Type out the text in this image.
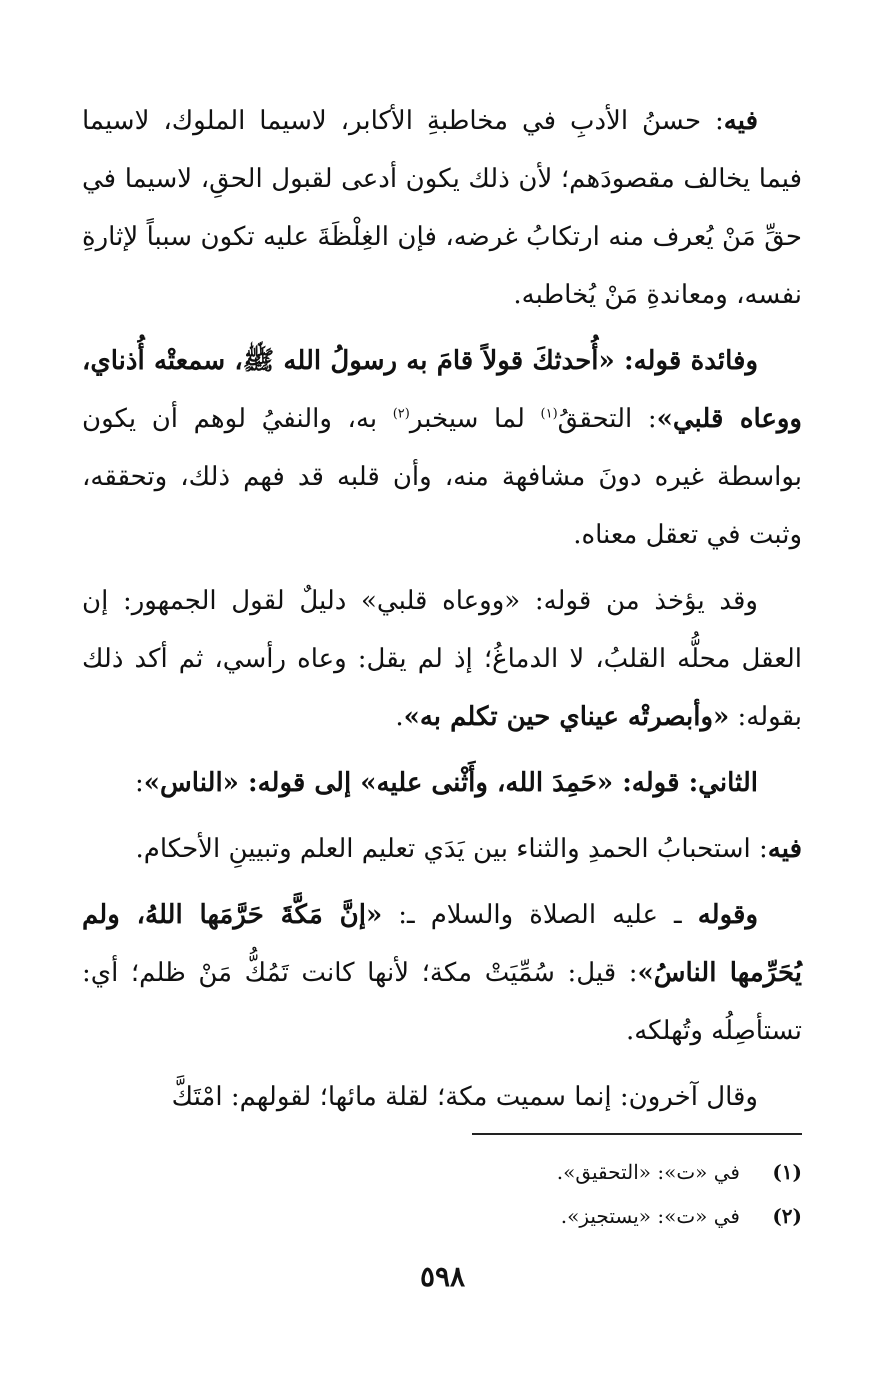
فيه: حسنُ الأدبِ في مخاطبةِ الأكابر، لاسيما الملوك، لاسيما فيما يخالف مقصودَهم؛ لأن ذلك يكون أدعى لقبول الحقِ، لاسيما في حقِّ مَنْ يُعرف منه ارتكابُ غرضه، فإن الغِلْظَةَ عليه تكون سبباً لإثارةِ نفسه، ومعاندةِ مَنْ يُخاطبه.

وفائدة قوله: «أُحدثكَ قولاً قامَ به رسولُ الله ﷺ، سمعتْه أُذناي، ووعاه قلبي»: التحققُ$^{(١)}$ لما سيخبر$^{(٢)}$ به، والنفيُ لوهم أن يكون بواسطة غيره دونَ مشافهة منه، وأن قلبه قد فهم ذلك، وتحققه، وثبت في تعقل معناه.

وقد يؤخذ من قوله: «ووعاه قلبي» دليلٌ لقول الجمهور: إن العقل محلُّه القلبُ، لا الدماغُ؛ إذ لم يقل: وعاه رأسي، ثم أكد ذلك بقوله: «وأبصرتْه عيناي حين تكلم به».

الثاني: قوله: «حَمِدَ الله، وأَثْنى عليه» إلى قوله: «الناس»:

فيه: استحبابُ الحمدِ والثناء بين يَدَي تعليم العلم وتبيينِ الأحكام.

وقوله ـ عليه الصلاة والسلام ـ: «إنَّ مَكَّةَ حَرَّمَها اللهُ، ولم يُحَرِّمها الناسُ»: قيل: سُمِّيَتْ مكة؛ لأنها كانت تَمُكُّ مَنْ ظلم؛ أي: تستأصِلُه وتُهلكه.

وقال آخرون: إنما سميت مكة؛ لقلة مائها؛ لقولهم: امْتَكَّ

(١)
في «ت»: «التحقيق».
(٢)
في «ت»: «يستجيز».
٥٩٨
